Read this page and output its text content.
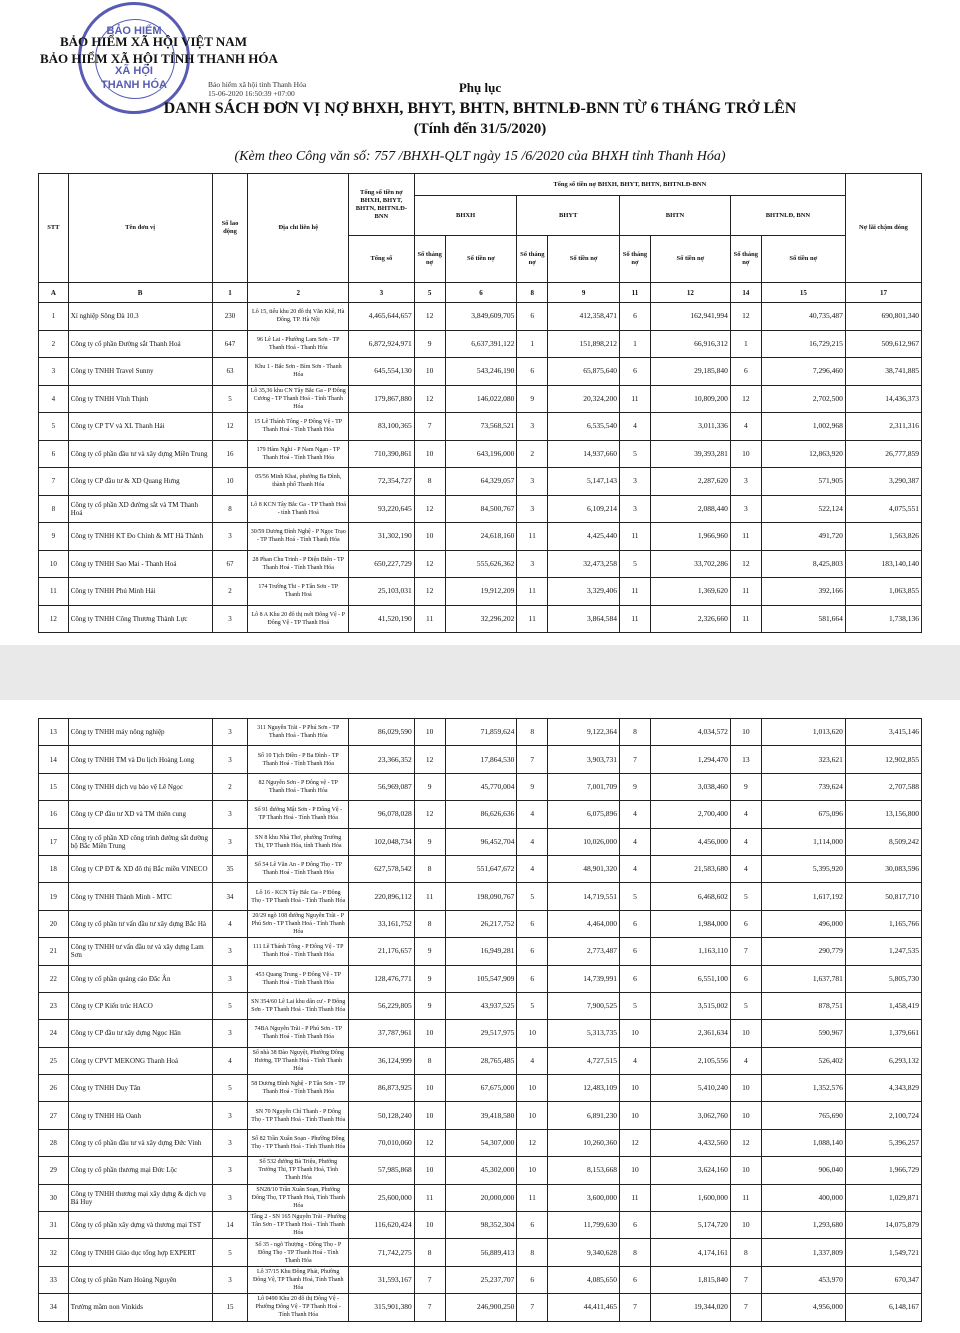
BẢO HIỂM
XÃ HỘI
THANH HÓA
BẢO HIỂM XÃ HỘI VIỆT NAM
BẢO HIỂM XÃ HỘI TỈNH THANH HÓA
Bảo hiểm xã hội tỉnh Thanh Hóa
15-06-2020 16:50:39 +07:00	Phụ lục
DANH SÁCH ĐƠN VỊ NỢ BHXH, BHYT, BHTN, BHTNLĐ-BNN TỪ 6 THÁNG TRỞ LÊN
(Tính đến 31/5/2020)
(Kèm theo Công văn số: 757 /BHXH-QLT ngày 15 /6/2020 của BHXH tỉnh Thanh Hóa)
STT	Tên đơn vị	Số lao động	Địa chỉ liên hệ	Tổng số tiền nợ BHXH, BHYT, BHTN, BHTNLĐ-BNN	Tổng số tiền nợ BHXH, BHYT, BHTN, BHTNLĐ-BNN								Nợ lãi chậm đóng
					BHXH		BHYT		BHTN		BHTNLĐ, BNN		
				Tổng số	Số tháng nợ	Số tiền nợ	Số tháng nợ	Số tiền nợ	Số tháng nợ	Số tiền nợ	Số tháng nợ	Số tiền nợ	
A	B	1	2	3	5	6	8	9	11	12	14	15	17
1	Xí nghiệp Sông Đà 10.3	230	Lô 15, tiểu khu 20 đô thị Văn Khê, Hà Đông, TP. Hà Nội	4,465,644,657	12	3,849,609,705	6	412,358,471	6	162,941,994	12	40,735,487	690,801,340
2	Công ty cổ phần Đường sắt Thanh Hoá	647	96 Lê Lai - Phường Lam Sơn - TP Thanh Hoá - Thanh Hóa	6,872,924,971	9	6,637,391,122	1	151,898,212	1	66,916,312	1	16,729,215	509,612,967
3	Công ty TNHH Travel Sunny	63	Khu 1 - Bắc Sơn - Bỉm Sơn - Thanh Hóa	645,554,130	10	543,246,190	6	65,875,640	6	29,185,840	6	7,296,460	38,741,885
4	Công ty TNHH Vĩnh Thịnh	5	Lô 35,36 khu CN Tây Bắc Ga - P Đông Cương - TP Thanh Hoá - Tỉnh Thanh Hóa	179,867,880	12	146,022,080	9	20,324,200	11	10,809,200	12	2,702,500	14,436,373
5	Công ty CP TV và XL Thanh Hải	12	15 Lê Thánh Tông - P Đông Vệ - TP Thanh Hoá - Tỉnh Thanh Hóa	83,100,365	7	73,568,521	3	6,535,540	4	3,011,336	4	1,002,968	2,311,316
6	Công ty cổ phần đầu tư và xây dựng Miền Trung	16	179 Hàm Nghi - P Nam Ngạn - TP Thanh Hoá - Tỉnh Thanh Hóa	710,390,861	10	643,196,000	2	14,937,660	5	39,393,281	10	12,863,920	26,777,859
7	Công ty CP đầu tư & XD Quang Hưng	10	05/56 Minh Khai, phường Ba Đình, thành phố Thanh Hóa	72,354,727	8	64,329,057	3	5,147,143	3	2,287,620	3	571,905	3,290,387
8	Công ty cổ phần XD đường sắt và TM Thanh Hoá	8	Lô 8 KCN Tây Bắc Ga - TP Thanh Hoá - tỉnh Thanh Hoá	93,220,645	12	84,500,767	3	6,109,214	3	2,088,440	3	522,124	4,075,551
9	Công ty TNHH KT Đo Chính & MT Hà Thành	3	30/59 Dương Đình Nghệ - P Ngọc Trạo - TP Thanh Hoá - Tỉnh Thanh Hóa	31,302,190	10	24,618,160	11	4,425,440	11	1,966,960	11	491,720	1,563,826
10	Công ty TNHH Sao Mai - Thanh Hoá	67	28 Phan Chu Trinh - P Điện Biên - TP Thanh Hoá - Tỉnh Thanh Hóa	650,227,729	12	555,626,362	3	32,473,258	5	33,702,286	12	8,425,803	183,140,140
11	Công ty TNHH Phú Minh Hải	2	174 Trường Thi - P Tân Sơn - TP Thanh Hoá	25,103,031	12	19,912,209	11	3,329,406	11	1,369,620	11	392,166	1,063,855
12	Công ty TNHH Công Thương Thành Lực	3	Lô 8 A Khu 20 đô thị mới Đông Vệ - P Đông Vệ - TP Thanh Hoá	41,520,190	11	32,296,202	11	3,864,584	11	2,326,660	11	581,664	1,738,136
13	Công ty TNHH máy nông nghiệp	3	311 Nguyễn Trãi - P Phú Sơn - TP Thanh Hoá - Thanh Hóa	86,029,590	10	71,859,624	8	9,122,364	8	4,034,572	10	1,013,620	3,415,146
14	Công ty TNHH TM và Du lịch Hoàng Long	3	Số 10 Tịch Điền - P Ba Đình - TP Thanh Hoá - Tỉnh Thanh Hóa	23,366,352	12	17,864,530	7	3,903,731	7	1,294,470	13	323,621	12,902,855
15	Công ty TNHH dịch vụ bảo vệ Lê Ngọc	2	82 Nguyễn Sơn - P Đông vệ - TP Thanh Hoá - Thanh Hóa	56,969,087	9	45,770,004	9	7,001,709	9	3,038,460	9	739,624	2,707,588
16	Công ty CP đầu tư XD và TM thiên cung	3	Số 91 đường Mật Sơn - P Đông Vệ - TP Thanh Hoá - Tỉnh Thanh Hóa	96,078,028	12	86,626,636	4	6,075,896	4	2,700,400	4	675,096	13,156,800
17	Công ty cổ phần XD công trình đường sắt đường bộ Bắc Miền Trung	3	SN 8 khu Nhà Thơ, phường Trường Thi, TP Thanh Hóa, tỉnh Thanh Hóa	102,048,734	9	96,452,704	4	10,026,000	4	4,456,000	4	1,114,000	8,509,242
18	Công ty CP ĐT & XD đô thị Bắc miền VINECO	35	Số 54 Lê Văn An - P Đông Thọ - TP Thanh Hoá - Tỉnh Thanh Hóa	627,578,542	8	551,647,672	4	48,901,320	4	21,583,680	4	5,395,920	30,083,596
19	Công ty TNHH Thành Minh - MTC	34	Lô 16 - KCN Tây Bắc Ga - P Đông Thọ - TP Thanh Hoá - Tỉnh Thanh Hóa	220,896,112	11	198,090,767	5	14,719,551	5	6,468,602	5	1,617,192	50,817,710
20	Công ty cổ phần tư vấn đầu tư xây dựng Bắc Hà	4	20/29 ngõ 108 đường Nguyễn Trãi - P Phú Sơn - TP Thanh Hoá - Tỉnh Thanh Hóa	33,161,752	8	26,217,752	6	4,464,000	6	1,984,000	6	496,000	1,165,766
21	Công ty TNHH tư vấn đầu tư và xây dựng Lam Sơn	3	111 Lê Thánh Tông - P Đông Vệ - TP Thanh Hoá - Tỉnh Thanh Hóa	21,176,657	9	16,949,281	6	2,773,487	6	1,163,110	7	290,779	1,247,535
22	Công ty cổ phần quảng cáo Đăc Ân	3	453 Quang Trung - P Đông Vệ - TP Thanh Hoá - Tỉnh Thanh Hóa	128,476,771	9	105,547,909	6	14,739,991	6	6,551,100	6	1,637,781	5,805,730
23	Công ty CP Kiến trúc HACO	5	SN 354/60 Lê Lai khu dân cư - P Đông Sơn - TP Thanh Hoá - Tỉnh Thanh Hóa	56,229,805	9	43,937,525	5	7,900,525	5	3,515,002	5	878,751	1,458,419
24	Công ty CP đầu tư xây dựng Ngọc Hân	3	74BA Nguyễn Trãi - P Phú Sơn - TP Thanh Hoá - Tỉnh Thanh Hóa	37,787,961	10	29,517,975	10	5,313,735	10	2,361,634	10	590,967	1,379,661
25	Công ty CPVT MEKONG Thanh Hoá	4	Số nhà 38 Đào Nguyệt, Phường Đông Hương, TP Thanh Hoá - Tỉnh Thanh Hóa	36,124,999	8	28,765,485	4	4,727,515	4	2,105,556	4	526,402	6,293,132
26	Công ty TNHH Duy Tân	5	58 Dương Đình Nghệ - P Tân Sơn - TP Thanh Hoá - Tỉnh Thanh Hóa	86,873,925	10	67,675,000	10	12,483,109	10	5,410,240	10	1,352,576	4,343,829
27	Công ty TNHH Hà Oanh	3	SN 70 Nguyễn Chí Thanh - P Đông Thọ - TP Thanh Hoá - Tỉnh Thanh Hóa	50,128,240	10	39,418,580	10	6,891,230	10	3,062,760	10	765,690	2,100,724
28	Công ty cổ phần đầu tư và xây dựng Đức Vinh	3	Số 82 Trần Xuân Soạn - Phường Đông Thọ - TP Thanh Hoá - Tỉnh Thanh Hóa	70,010,060	12	54,307,000	12	10,260,360	12	4,432,560	12	1,088,140	5,396,257
29	Công ty cổ phần thương mại Đức Lộc	3	Số 532 đường Bà Triệu, Phường Trường Thi, TP Thanh Hoá, Tỉnh Thanh Hóa	57,985,868	10	45,302,000	10	8,153,668	10	3,624,160	10	906,040	1,966,729
30	Công ty TNHH thương mại xây dựng & dịch vụ Bá Huy	3	SN28/10 Trần Xuân Soạn, Phường Đông Thọ, TP Thanh Hoá, Tỉnh Thanh Hóa	25,600,000	11	20,000,000	11	3,600,000	11	1,600,000	11	400,000	1,029,871
31	Công ty cổ phần xây dựng và thương mại TST	14	Tầng 2 - SN 165 Nguyễn Trãi - Phường Tân Sơn - TP Thanh Hoá - Tỉnh Thanh Hóa	116,620,424	10	98,352,304	6	11,799,630	6	5,174,720	10	1,293,680	14,075,879
32	Công ty TNHH Giáo dục tổng hợp EXPERT	5	Số 35 - ngõ Thượng - Đông Thọ - P Đông Thọ - TP Thanh Hoá - Tỉnh Thanh Hóa	71,742,275	8	56,889,413	8	9,340,628	8	4,174,161	8	1,337,809	1,549,721
33	Công ty cổ phần Nam Hoàng Nguyên	3	Lô 37/15 Khu Đông Phát, Phường Đông Vệ, TP Thanh Hoá, Tỉnh Thanh Hóa	31,593,167	7	25,237,707	6	4,085,650	6	1,815,840	7	453,970	670,347
34	Trường mầm non Vinkids	15	Lô 0490 Khu 20 đô thị Đông Vệ - Phường Đông Vệ - TP Thanh Hoá - Tỉnh Thanh Hóa	315,901,380	7	246,900,250	7	44,411,465	7	19,344,020	7	4,956,000	6,148,167
